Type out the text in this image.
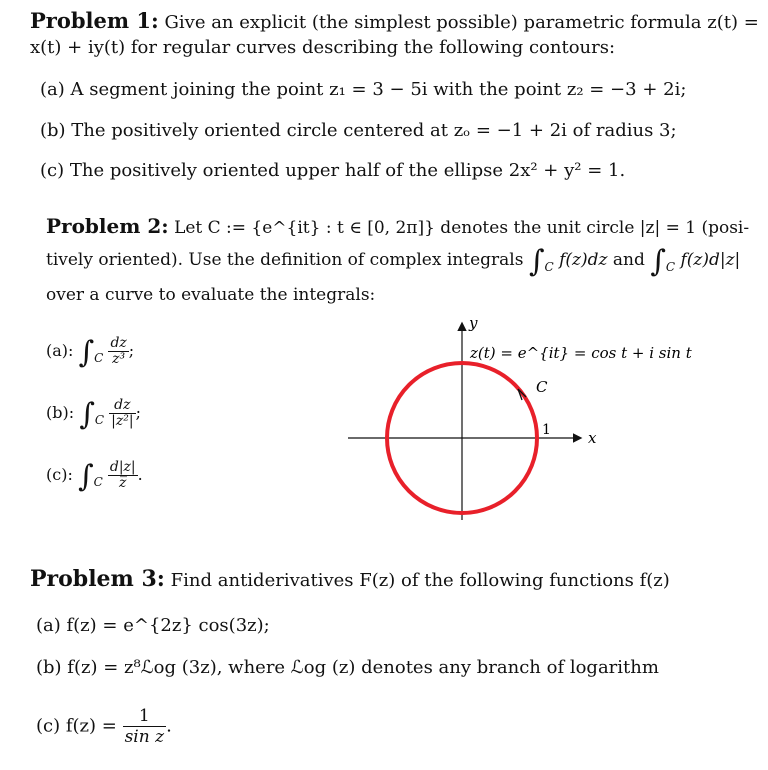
Problem 1: Give an explicit (the simplest possible) parametric formula z(t) =
x(t) + iy(t) for regular curves describing the following contours:
(a) A segment joining the point z₁ = 3 − 5i with the point z₂ = −3 + 2i;
(b) The positively oriented circle centered at zₒ = −1 + 2i of radius 3;
(c) The positively oriented upper half of the ellipse 2x² + y² = 1.
Problem 2: Let C := {e^{it} : t ∈ [0, 2π]} denotes the unit circle |z| = 1 (posi-
tively oriented). Use the definition of complex integrals $\int_C$ f(z)dz and $\int_C$ f(z)d|z|
over a curve to evaluate the integrals:
(a): $\int_C \frac{dz}{\text{z³}}$ ;
(b): $\int_C \frac{dz}{\text{|z²|}}$ ;
(c): $\int_C \frac{d|z|}{z̅}$ .
y
x
z(t) = e^{it} = cos t + i sin t
C
1
Problem 3: Find antiderivatives F(z) of the following functions f(z)
(a) f(z) = e^{2z} cos(3z);
(b) f(z) = z⁸ℒog (3z), where ℒog (z) denotes any branch of logarithm
(c) $f(z) = \frac{1}{\text{sin z}}$ .
